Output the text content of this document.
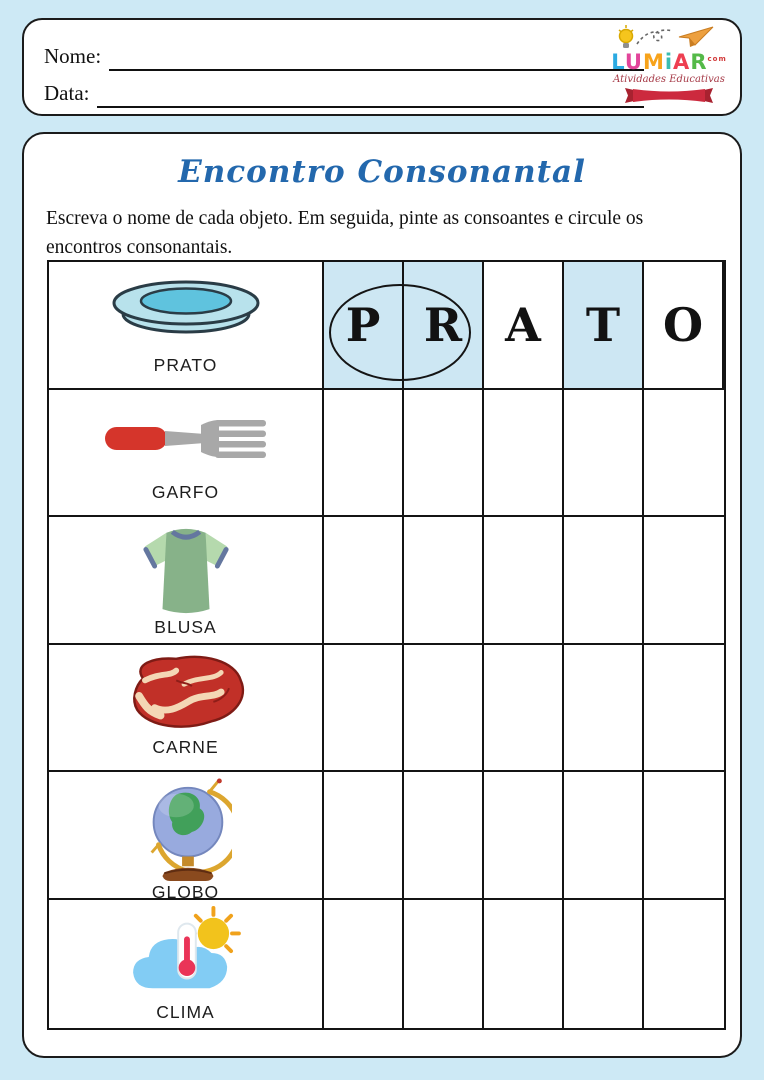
Nome:
Data:
LUMiAR$^{com}$
Atividades Educativas
Encontro Consonantal
Escreva o nome de cada objeto. Em seguida, pinte as consoantes e circule os encontros consonantais.
PRATO
P R A T O
GARFO
BLUSA
CARNE
GLOBO
CLIMA
